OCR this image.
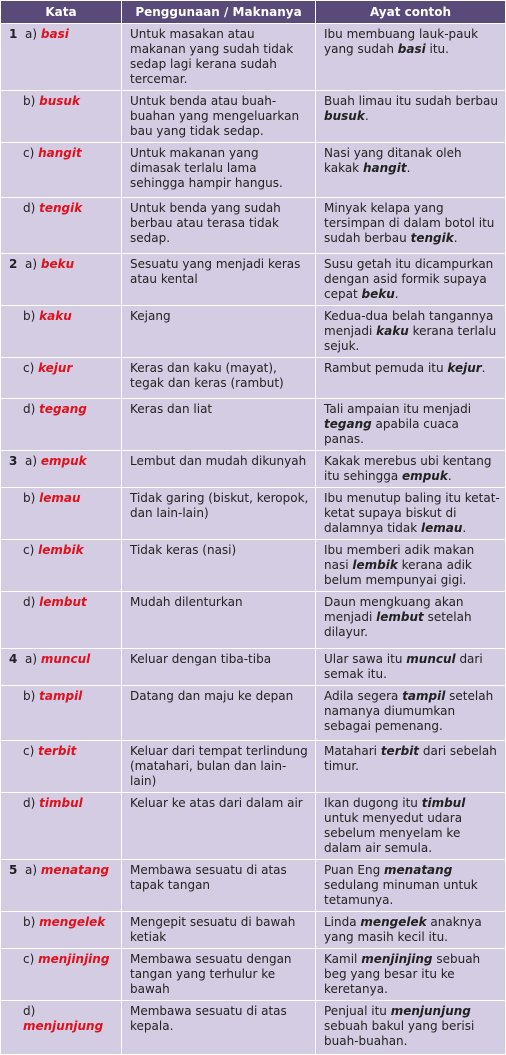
Kata	Penggunaan / Maknanya	Ayat contoh
1 a) basi	Untuk masakan atau makanan yang sudah tidak sedap lagi kerana sudah tercemar.	Ibu membuang lauk-pauk yang sudah basi itu.
b) busuk	Untuk benda atau buah-buahan yang mengeluarkan bau yang tidak sedap.	Buah limau itu sudah berbau busuk.
c) hangit	Untuk makanan yang dimasak terlalu lama sehingga hampir hangus.	Nasi yang ditanak oleh kakak hangit.
d) tengik	Untuk benda yang sudah berbau atau terasa tidak sedap.	Minyak kelapa yang tersimpan di dalam botol itu sudah berbau tengik.
2 a) beku	Sesuatu yang menjadi keras atau kental	Susu getah itu dicampurkan dengan asid formik supaya cepat beku.
b) kaku	Kejang	Kedua-dua belah tangannya menjadi kaku kerana terlalu sejuk.
c) kejur	Keras dan kaku (mayat), tegak dan keras (rambut)	Rambut pemuda itu kejur.
d) tegang	Keras dan liat	Tali ampaian itu menjadi tegang apabila cuaca panas.
3 a) empuk	Lembut dan mudah dikunyah	Kakak merebus ubi kentang itu sehingga empuk.
b) lemau	Tidak garing (biskut, keropok, dan lain-lain)	Ibu menutup baling itu ketat-ketat supaya biskut di dalamnya tidak lemau.
c) lembik	Tidak keras (nasi)	Ibu memberi adik makan nasi lembik kerana adik belum mempunyai gigi.
d) lembut	Mudah dilenturkan	Daun mengkuang akan menjadi lembut setelah dilayur.
4 a) muncul	Keluar dengan tiba-tiba	Ular sawa itu muncul dari semak itu.
b) tampil	Datang dan maju ke depan	Adila segera tampil setelah namanya diumumkan sebagai pemenang.
c) terbit	Keluar dari tempat terlindung (matahari, bulan dan lain-lain)	Matahari terbit dari sebelah timur.
d) timbul	Keluar ke atas dari dalam air	Ikan dugong itu timbul untuk menyedut udara sebelum menyelam ke dalam air semula.
5 a) menatang	Membawa sesuatu di atas tapak tangan	Puan Eng menatang sedulang minuman untuk tetamunya.
b) mengelek	Mengepit sesuatu di bawah ketiak	Linda mengelek anaknya yang masih kecil itu.
c) menjinjing	Membawa sesuatu dengan tangan yang terhulur ke bawah	Kamil menjinjing sebuah beg yang besar itu ke keretanya.
d) menjunjung	Membawa sesuatu di atas kepala.	Penjual itu menjunjung sebuah bakul yang berisi buah-buahan.
